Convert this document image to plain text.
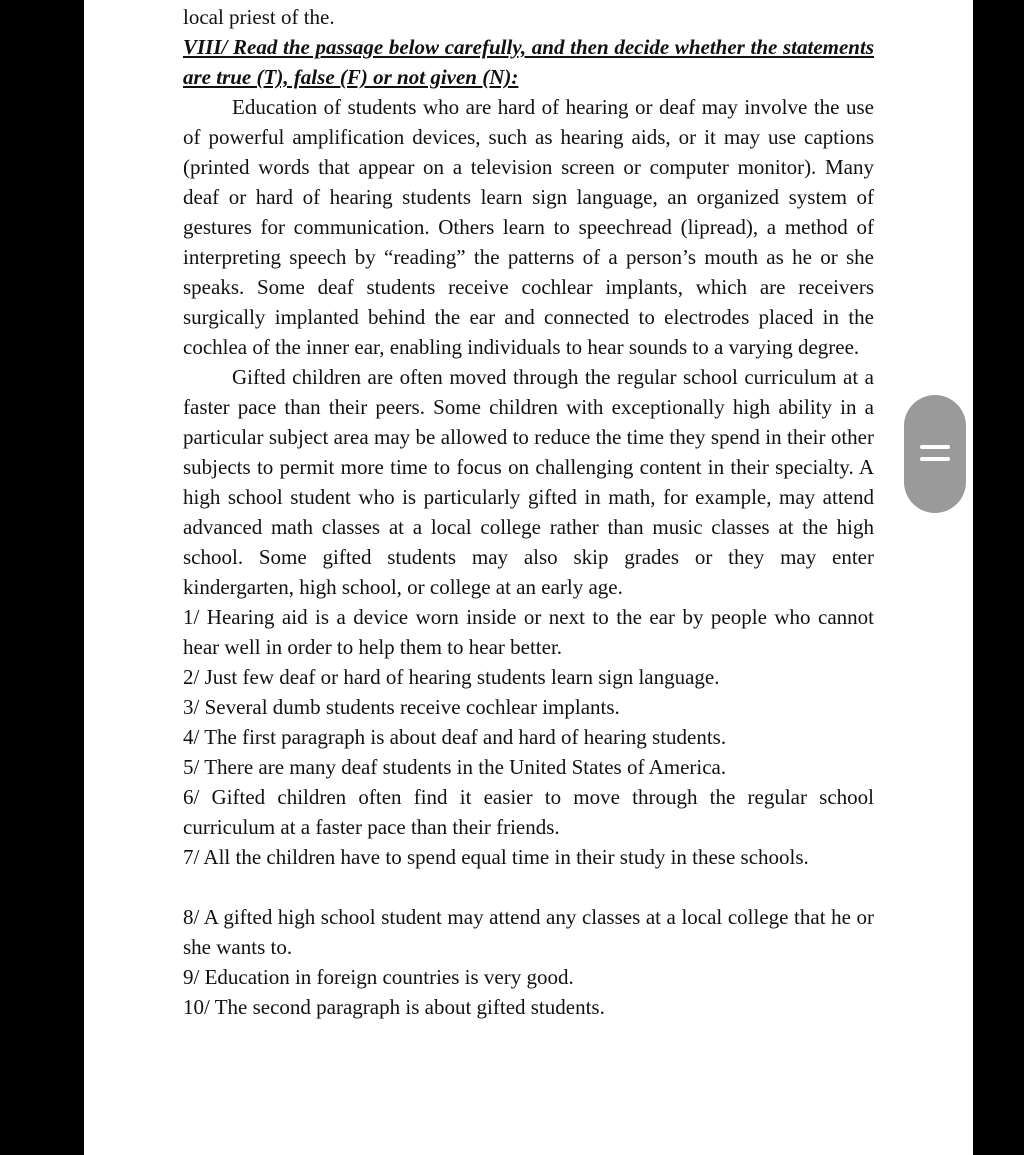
local priest of the.

VIII/ Read the passage below carefully, and then decide whether the statements are true (T), false (F) or not given (N):

Education of students who are hard of hearing or deaf may involve the use of powerful amplification devices, such as hearing aids, or it may use captions (printed words that appear on a television screen or computer monitor). Many deaf or hard of hearing students learn sign language, an organized system of gestures for communication. Others learn to speechread (lipread), a method of interpreting speech by “reading” the patterns of a person’s mouth as he or she speaks. Some deaf students receive cochlear implants, which are receivers surgically implanted behind the ear and connected to electrodes placed in the cochlea of the inner ear, enabling individuals to hear sounds to a varying degree.

Gifted children are often moved through the regular school curriculum at a faster pace than their peers. Some children with exceptionally high ability in a particular subject area may be allowed to reduce the time they spend in their other subjects to permit more time to focus on challenging content in their specialty. A high school student who is particularly gifted in math, for example, may attend advanced math classes at a local college rather than music classes at the high school. Some gifted students may also skip grades or they may enter kindergarten, high school, or college at an early age.

1/ Hearing aid is a device worn inside or next to the ear by people who cannot hear well in order to help them to hear better.

2/ Just few deaf or hard of hearing students learn sign language.

3/ Several dumb students receive cochlear implants.

4/ The first paragraph is about deaf and hard of hearing students.

5/ There are many deaf students in the United States of America.

6/ Gifted children often find it easier to move through the regular school curriculum at a faster pace than their friends.

7/ All the children have to spend equal time in their study in these schools.

8/ A gifted high school student may attend any classes at a local college that he or she wants to.

9/ Education in foreign countries is very good.

10/ The second paragraph is about gifted students.
